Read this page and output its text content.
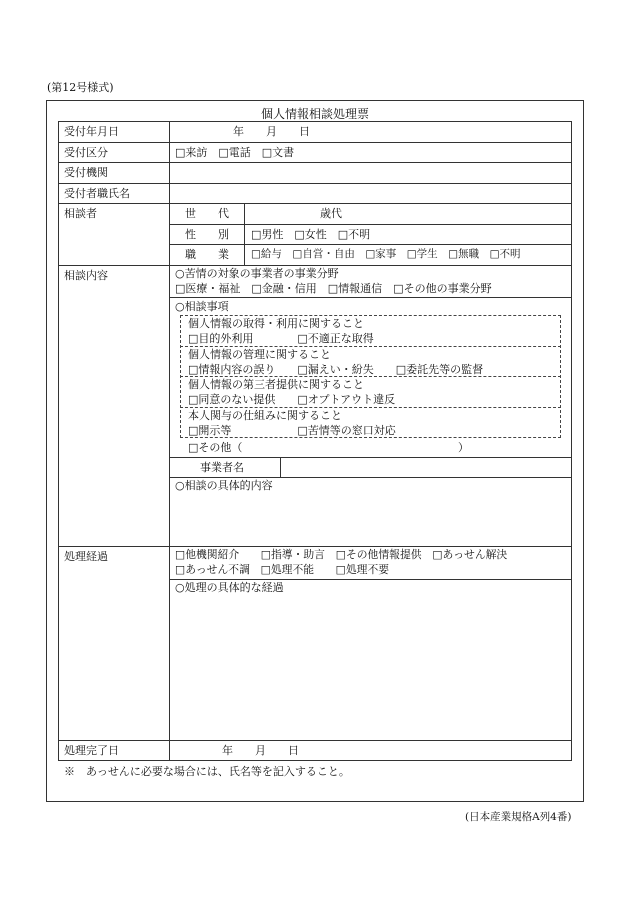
(第12号様式)
個人情報相談処理票
受付年月日	年　　月　　日
受付区分	□来訪　□電話　□文書
受付機関
受付者職氏名
相談者	世　　代	歳代
性　　別 □男性　□女性　□不明
職　　業 □給与　□自営・自由　□家事　□学生　□無職　□不明
相談内容	○苦情の対象の事業者の事業分野
□医療・福祉　□金融・信用　□情報通信　□その他の事業分野
○相談事項
個人情報の取得・利用に関すること
□目的外利用　　　　□不適正な取得
個人情報の管理に関すること
□情報内容の誤り　　□漏えい・紛失　　□委託先等の監督
個人情報の第三者提供に関すること
□同意のない提供　　□オプトアウト違反
本人関与の仕組みに関すること
□開示等　　　　　　□苦情等の窓口対応
□その他（	）
事業者名
○相談の具体的内容
処理経過	□他機関紹介　　□指導・助言　□その他情報提供　□あっせん解決
□あっせん不調　□処理不能　　□処理不要
○処理の具体的な経過
処理完了日	年　　月　　日
※　あっせんに必要な場合には、氏名等を記入すること。
(日本産業規格A列4番)
